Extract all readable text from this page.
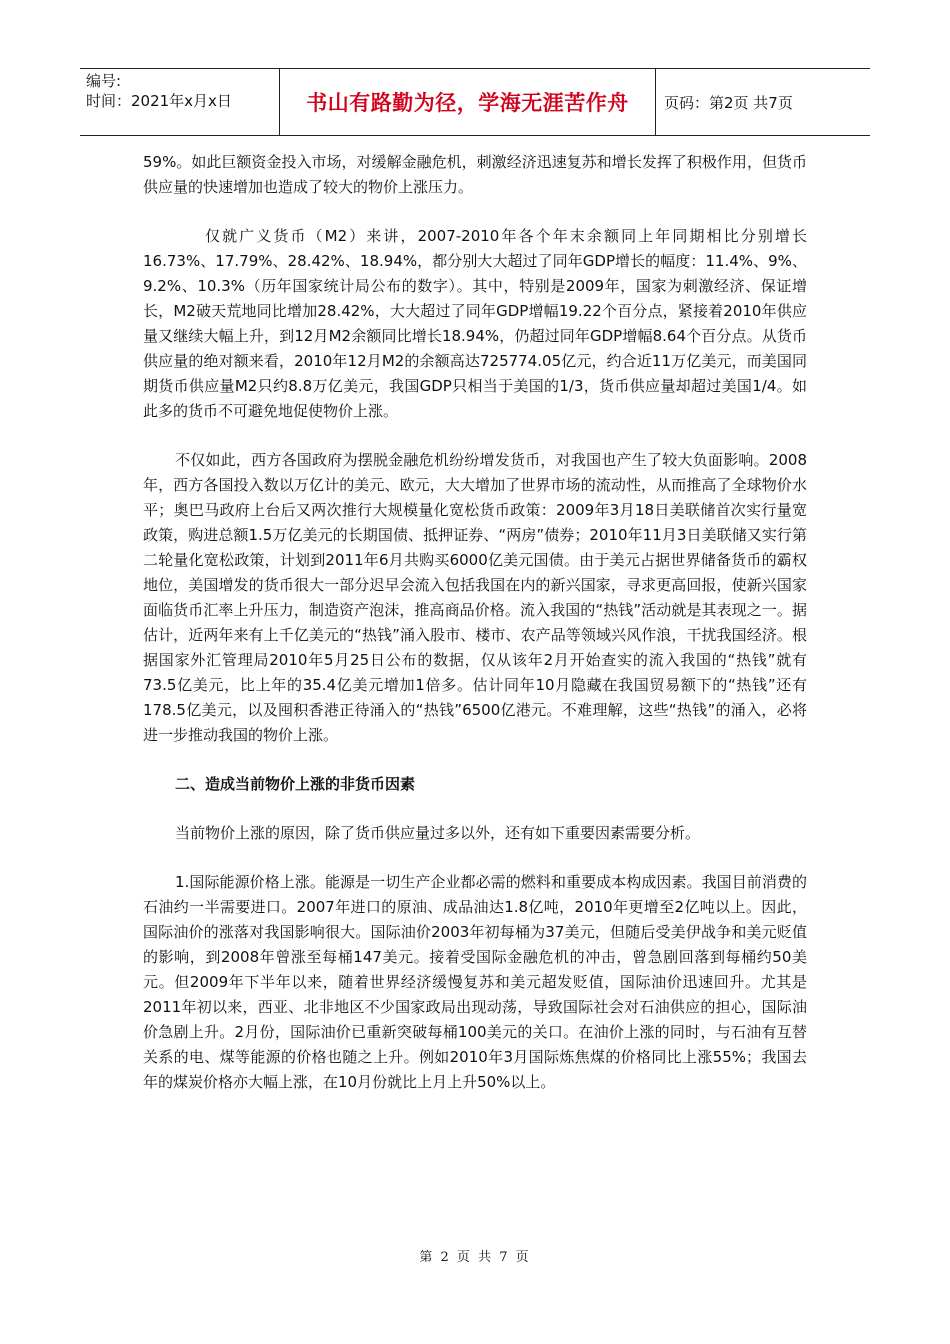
编号:
时间：2021年x月x日	书山有路勤为径，学海无涯苦作舟	页码：第2页 共7页

59%。如此巨额资金投入市场，对缓解金融危机，刺激经济迅速复苏和增长发挥了积极作用，但货币供应量的快速增加也造成了较大的物价上涨压力。

仅就广义货币（M2）来讲，2007-2010年各个年末余额同上年同期相比分别增长16.73%、17.79%、28.42%、18.94%，都分别大大超过了同年GDP增长的幅度：11.4%、9%、9.2%、10.3%（历年国家统计局公布的数字）。其中，特别是2009年，国家为刺激经济、保证增长，M2破天荒地同比增加28.42%，大大超过了同年GDP增幅19.22个百分点，紧接着2010年供应量又继续大幅上升，到12月M2余额同比增长18.94%，仍超过同年GDP增幅8.64个百分点。从货币供应量的绝对额来看，2010年12月M2的余额高达725774.05亿元，约合近11万亿美元，而美国同期货币供应量M2只约8.8万亿美元，我国GDP只相当于美国的1/3，货币供应量却超过美国1/4。如此多的货币不可避免地促使物价上涨。

不仅如此，西方各国政府为摆脱金融危机纷纷增发货币，对我国也产生了较大负面影响。2008年，西方各国投入数以万亿计的美元、欧元，大大增加了世界市场的流动性，从而推高了全球物价水平；奥巴马政府上台后又两次推行大规模量化宽松货币政策：2009年3月18日美联储首次实行量宽政策，购进总额1.5万亿美元的长期国债、抵押证券、“两房”债券；2010年11月3日美联储又实行第二轮量化宽松政策，计划到2011年6月共购买6000亿美元国债。由于美元占据世界储备货币的霸权地位，美国增发的货币很大一部分迟早会流入包括我国在内的新兴国家，寻求更高回报，使新兴国家面临货币汇率上升压力，制造资产泡沫，推高商品价格。流入我国的“热钱”活动就是其表现之一。据估计，近两年来有上千亿美元的“热钱”涌入股市、楼市、农产品等领域兴风作浪，干扰我国经济。根据国家外汇管理局2010年5月25日公布的数据，仅从该年2月开始查实的流入我国的“热钱”就有73.5亿美元，比上年的35.4亿美元增加1倍多。估计同年10月隐藏在我国贸易额下的“热钱”还有178.5亿美元，以及囤积香港正待涌入的“热钱”6500亿港元。不难理解，这些“热钱”的涌入，必将进一步推动我国的物价上涨。

二、造成当前物价上涨的非货币因素

当前物价上涨的原因，除了货币供应量过多以外，还有如下重要因素需要分析。

1.国际能源价格上涨。能源是一切生产企业都必需的燃料和重要成本构成因素。我国目前消费的石油约一半需要进口。2007年进口的原油、成品油达1.8亿吨，2010年更增至2亿吨以上。因此，国际油价的涨落对我国影响很大。国际油价2003年初每桶为37美元，但随后受美伊战争和美元贬值的影响，到2008年曾涨至每桶147美元。接着受国际金融危机的冲击，曾急剧回落到每桶约50美元。但2009年下半年以来，随着世界经济缓慢复苏和美元超发贬值，国际油价迅速回升。尤其是2011年初以来，西亚、北非地区不少国家政局出现动荡，导致国际社会对石油供应的担心，国际油价急剧上升。2月份，国际油价已重新突破每桶100美元的关口。在油价上涨的同时，与石油有互替关系的电、煤等能源的价格也随之上升。例如2010年3月国际炼焦煤的价格同比上涨55%；我国去年的煤炭价格亦大幅上涨，在10月份就比上月上升50%以上。

第 2 页 共 7 页
